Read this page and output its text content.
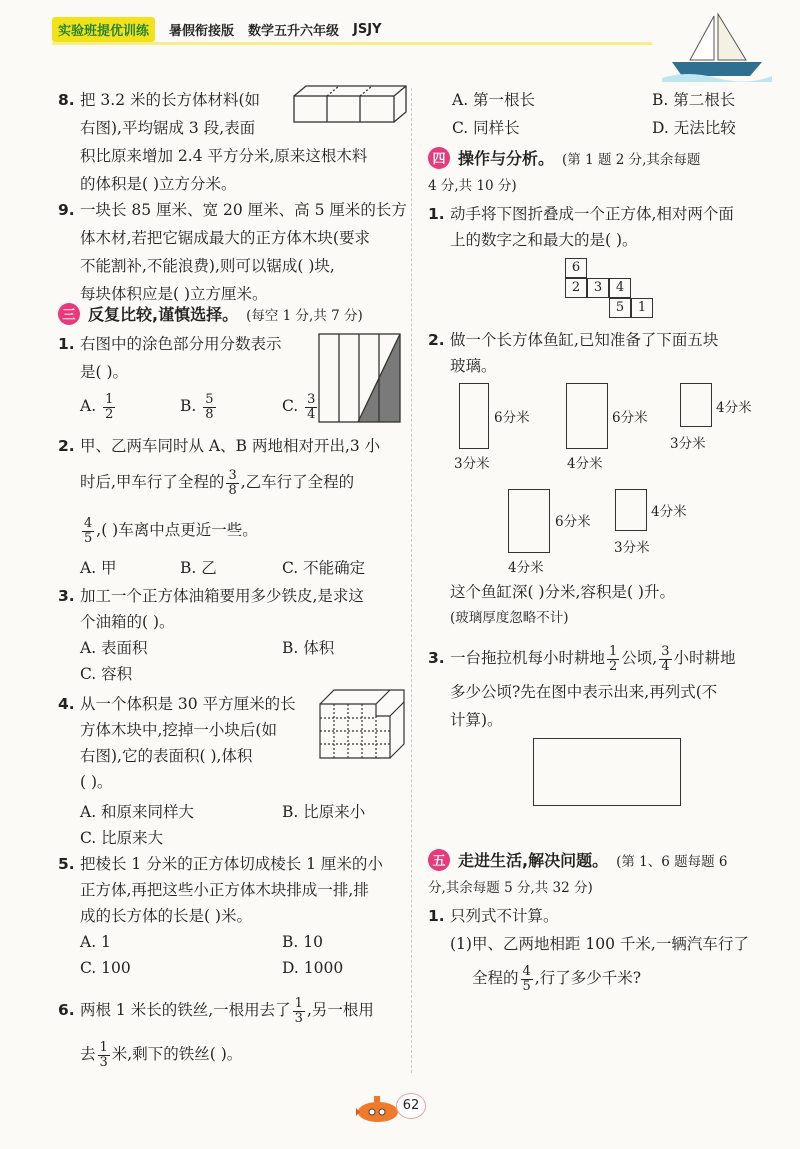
实验班提优训练	暑假衔接版 数学五升六年级 JSJY
8. 把 3.2 米的长方体材料(如
右图),平均锯成 3 段,表面
积比原来增加 2.4 平方分米,原来这根木料
的体积是( )立方分米。
9. 一块长 85 厘米、宽 20 厘米、高 5 厘米的长方
体木材,若把它锯成最大的正方体木块(要求
不能割补,不能浪费),则可以锯成( )块,
每块体积应是( )立方厘米。
三 反复比较,谨慎选择。 (每空 1 分,共 7 分)
1. 右图中的涂色部分用分数表示
是( )。
A. $\frac{1}{2}$	B. $\frac{5}{8}$	C. $\frac{3}{4}$
2. 甲、乙两车同时从 A、B 两地相对开出,3 小
时后,甲车行了全程的 $\frac{3}{8}$ ,乙车行了全程的
$\frac{4}{5}$ ,( )车离中点更近一些。
A. 甲	B. 乙	C. 不能确定
3. 加工一个正方体油箱要用多少铁皮,是求这
个油箱的( )。
A. 表面积	B. 体积
C. 容积
4. 从一个体积是 30 平方厘米的长
方体木块中,挖掉一小块后(如
右图),它的表面积( ),体积
( )。
A. 和原来同样大	B. 比原来小
C. 比原来大
5. 把棱长 1 分米的正方体切成棱长 1 厘米的小
正方体,再把这些小正方体木块排成一排,排
成的长方体的长是( )米。
A. 1	B. 10
C. 100	D. 1000
6. 两根 1 米长的铁丝,一根用去了 $\frac{1}{3}$ ,另一根用
去 $\frac{1}{3}$ 米,剩下的铁丝( )。
A. 第一根长	B. 第二根长
C. 同样长	D. 无法比较
四 操作与分析。 (第 1 题 2 分,其余每题
4 分,共 10 分)
1. 动手将下图折叠成一个正方体,相对两个面
上的数字之和最大的是( )。
6
2	3	4
5	1
2. 做一个长方体鱼缸,已知准备了下面五块
玻璃。
6分米
3分米
6分米
4分米
4分米
3分米
6分米
4分米
4分米
3分米
这个鱼缸深( )分米,容积是( )升。
(玻璃厚度忽略不计)
3. 一台拖拉机每小时耕地 $\frac{1}{2}$ 公顷, $\frac{3}{4}$ 小时耕地
多少公顷?先在图中表示出来,再列式(不
计算)。
五 走进生活,解决问题。 (第 1、6 题每题 6
分,其余每题 5 分,共 32 分)
1. 只列式不计算。
(1)甲、乙两地相距 100 千米,一辆汽车行了
全程的 $\frac{4}{5}$ ,行了多少千米?
62
